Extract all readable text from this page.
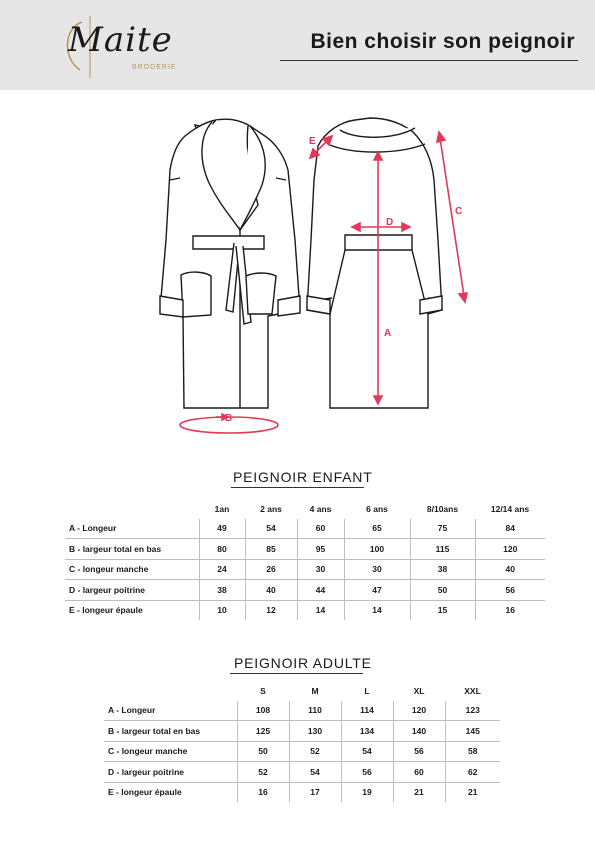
Maite
BRODERIE
Bien choisir son peignoir
A
B
C
D
E
PEIGNOIR ENFANT
	1an	2 ans	4 ans	6 ans	8/10ans	12/14 ans
A - Longeur	49	54	60	65	75	84
B - largeur total en bas	80	85	95	100	115	120
C - longeur manche	24	26	30	30	38	40
D - largeur poitrine	38	40	44	47	50	56
E - longeur épaule	10	12	14	14	15	16
PEIGNOIR ADULTE
	S	M	L	XL	XXL
A - Longeur	108	110	114	120	123
B - largeur total en bas	125	130	134	140	145
C - longeur manche	50	52	54	56	58
D - largeur poitrine	52	54	56	60	62
E - longeur épaule	16	17	19	21	21
